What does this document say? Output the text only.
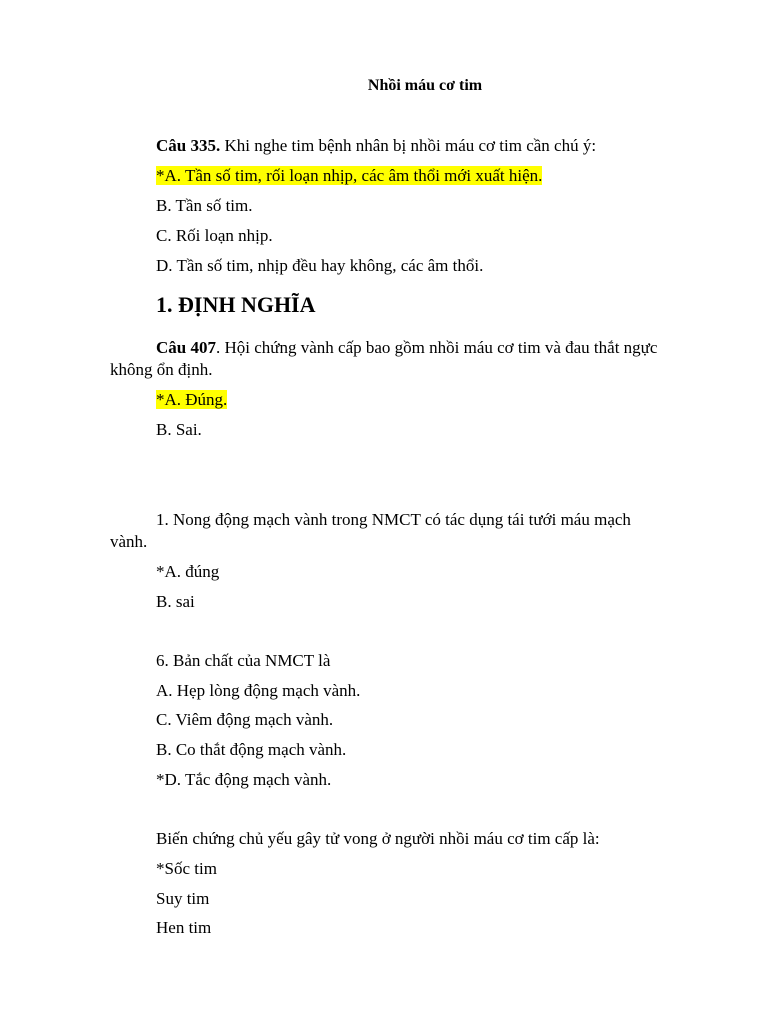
Nhồi máu cơ tim
Câu 335. Khi nghe tim bệnh nhân bị nhồi máu cơ tim cần chú ý:
*A. Tần số tim, rối loạn nhịp, các âm thổi mới xuất hiện.
B. Tần số tim.
C. Rối loạn nhịp.
D. Tần số tim, nhịp đều hay không, các âm thổi.
1. ĐỊNH NGHĨA
Câu 407. Hội chứng vành cấp bao gồm nhồi máu cơ tim và đau thắt ngực
không ổn định.
*A. Đúng.
B. Sai.
1. Nong động mạch vành trong NMCT có tác dụng tái tưới máu mạch
vành.
*A. đúng
B. sai
6. Bản chất của NMCT là
A. Hẹp lòng động mạch vành.
C. Viêm động mạch vành.
B. Co thắt động mạch vành.
*D. Tắc động mạch vành.
Biến chứng chủ yếu gây tử vong ở người nhồi máu cơ tim cấp là:
*Sốc tim
Suy tim
Hen tim
